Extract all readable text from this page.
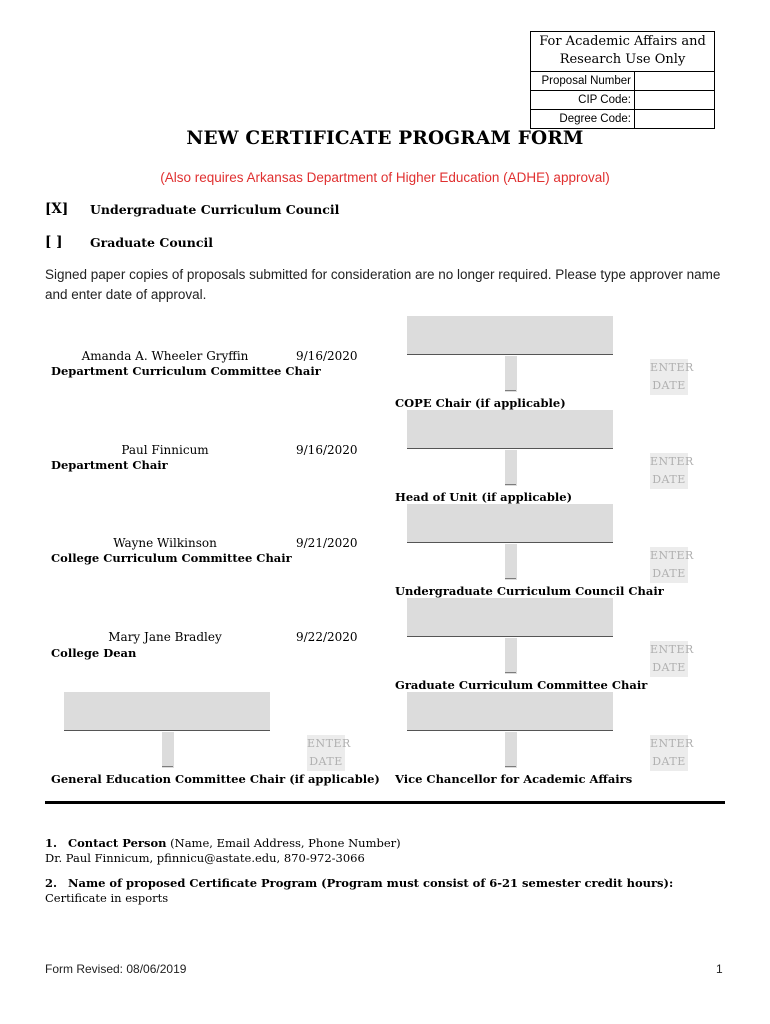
For Academic Affairs and Research Use Only
Proposal Number
CIP Code:
Degree Code:
NEW CERTIFICATE PROGRAM FORM
(Also requires Arkansas Department of Higher Education (ADHE) approval)
[X] Undergraduate Curriculum Council
[ ] Graduate Council
Signed paper copies of proposals submitted for consideration are no longer required. Please type approver name and enter date of approval.
Amanda A. Wheeler Gryffin	9/16/2020
Department Curriculum Committee Chair
Paul Finnicum	9/16/2020
Department Chair
Wayne Wilkinson	9/21/2020
College Curriculum Committee Chair
Mary Jane Bradley	9/22/2020
College Dean
__
ENTER
DATE
COPE Chair (if applicable)
__
ENTER
DATE
Head of Unit (if applicable)
__
ENTER
DATE
Undergraduate Curriculum Council Chair
__
ENTER
DATE
Graduate Curriculum Committee Chair
__
ENTER
DATE
Vice Chancellor for Academic Affairs
__
ENTER
DATE
General Education Committee Chair (if applicable)
1. Contact Person (Name, Email Address, Phone Number)
Dr. Paul Finnicum, pfinnicu@astate.edu, 870-972-3066
2. Name of proposed Certificate Program (Program must consist of 6-21 semester credit hours):
Certificate in esports
Form Revised: 08/06/2019	1
